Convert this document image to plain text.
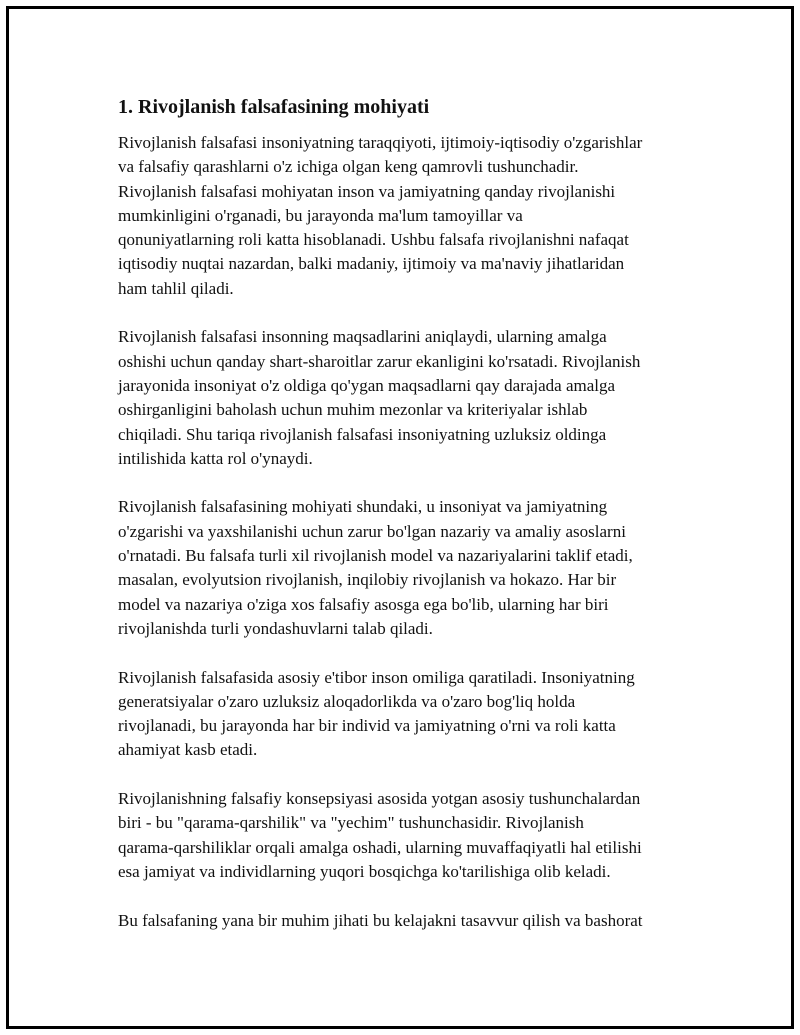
1. Rivojlanish falsafasining mohiyati

Rivojlanish falsafasi insoniyatning taraqqiyoti, ijtimoiy-iqtisodiy o'zgarishlar
va falsafiy qarashlarni o'z ichiga olgan keng qamrovli tushunchadir.
Rivojlanish falsafasi mohiyatan inson va jamiyatning qanday rivojlanishi
mumkinligini o'rganadi, bu jarayonda ma'lum tamoyillar va
qonuniyatlarning roli katta hisoblanadi. Ushbu falsafa rivojlanishni nafaqat
iqtisodiy nuqtai nazardan, balki madaniy, ijtimoiy va ma'naviy jihatlaridan
ham tahlil qiladi.

Rivojlanish falsafasi insonning maqsadlarini aniqlaydi, ularning amalga
oshishi uchun qanday shart-sharoitlar zarur ekanligini ko'rsatadi. Rivojlanish
jarayonida insoniyat o'z oldiga qo'ygan maqsadlarni qay darajada amalga
oshirganligini baholash uchun muhim mezonlar va kriteriyalar ishlab
chiqiladi. Shu tariqa rivojlanish falsafasi insoniyatning uzluksiz oldinga
intilishida katta rol o'ynaydi.

Rivojlanish falsafasining mohiyati shundaki, u insoniyat va jamiyatning
o'zgarishi va yaxshilanishi uchun zarur bo'lgan nazariy va amaliy asoslarni
o'rnatadi. Bu falsafa turli xil rivojlanish model va nazariyalarini taklif etadi,
masalan, evolyutsion rivojlanish, inqilobiy rivojlanish va hokazo. Har bir
model va nazariya o'ziga xos falsafiy asosga ega bo'lib, ularning har biri
rivojlanishda turli yondashuvlarni talab qiladi.

Rivojlanish falsafasida asosiy e'tibor inson omiliga qaratiladi. Insoniyatning
generatsiyalar o'zaro uzluksiz aloqadorlikda va o'zaro bog'liq holda
rivojlanadi, bu jarayonda har bir individ va jamiyatning o'rni va roli katta
ahamiyat kasb etadi.

Rivojlanishning falsafiy konsepsiyasi asosida yotgan asosiy tushunchalardan
biri - bu "qarama-qarshilik" va "yechim" tushunchasidir. Rivojlanish
qarama-qarshiliklar orqali amalga oshadi, ularning muvaffaqiyatli hal etilishi
esa jamiyat va individlarning yuqori bosqichga ko'tarilishiga olib keladi.

Bu falsafaning yana bir muhim jihati bu kelajakni tasavvur qilish va bashorat
